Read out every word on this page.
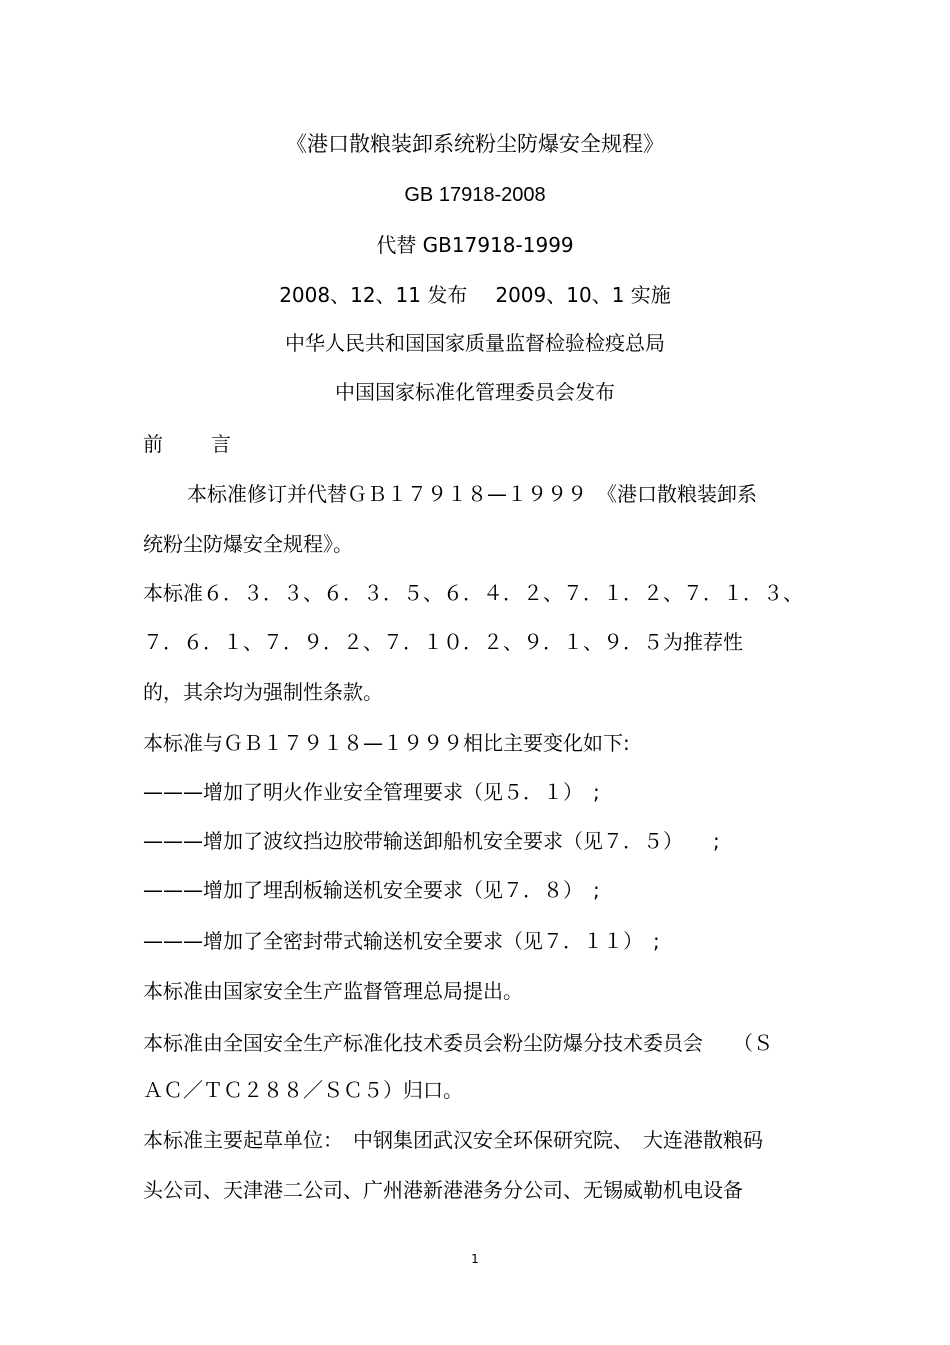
《港口散粮装卸系统粉尘防爆安全规程》
GB 17918-2008
代替 GB17918-1999
2008、12、11 发布 2009、10、1 实施
中华人民共和国国家质量监督检验检疫总局
中国国家标准化管理委员会发布
前 言
本标准修订并代替ＧＢ１７９１８—１９９９　《港口散粮装卸系
统粉尘防爆安全规程》。
本标准６．３．３、６．３．５、６．４．２、７．１．２、７．１．３、
７．６．１、７．９．２、７．１０．２、９．１、９．５为推荐性
的，其余均为强制性条款。
本标准与ＧＢ１７９１８—１９９９相比主要变化如下:
———增加了明火作业安全管理要求（见５．１）　;
———增加了波纹挡边胶带输送卸船机安全要求（见７．５）　　;
———增加了埋刮板输送机安全要求（见７．８）　;
———增加了全密封带式输送机安全要求（见７．１１）　;
本标准由国家安全生产监督管理总局提出。
本标准由全国安全生产标准化技术委员会粉尘防爆分技术委员会　　（Ｓ
ＡＣ／ＴＣ２８８／ＳＣ５）归口。
本标准主要起草单位：　中钢集团武汉安全环保研究院、　大连港散粮码
头公司、天津港二公司、广州港新港港务分公司、无锡威勒机电设备
1
